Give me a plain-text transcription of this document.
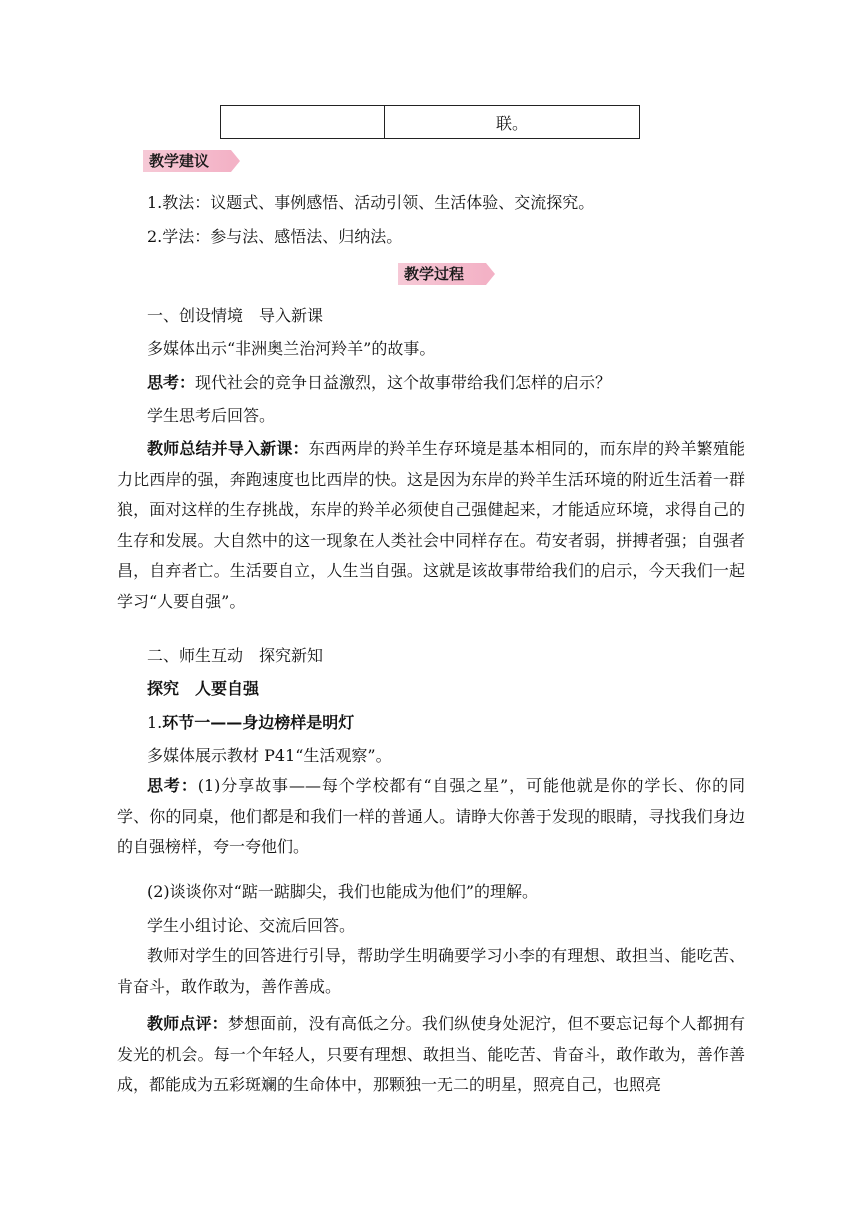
联。
教学建议
1.教法：议题式、事例感悟、活动引领、生活体验、交流探究。
2.学法：参与法、感悟法、归纳法。
教学过程
一、创设情境　导入新课
多媒体出示“非洲奥兰治河羚羊”的故事。
思考：现代社会的竞争日益激烈，这个故事带给我们怎样的启示？
学生思考后回答。
教师总结并导入新课：东西两岸的羚羊生存环境是基本相同的，而东岸的羚羊繁殖能力比西岸的强，奔跑速度也比西岸的快。这是因为东岸的羚羊生活环境的附近生活着一群狼，面对这样的生存挑战，东岸的羚羊必须使自己强健起来，才能适应环境，求得自己的生存和发展。大自然中的这一现象在人类社会中同样存在。苟安者弱，拼搏者强；自强者昌，自弃者亡。生活要自立，人生当自强。这就是该故事带给我们的启示，今天我们一起学习“人要自强”。
二、师生互动　探究新知
探究　人要自强
1.环节一——身边榜样是明灯
多媒体展示教材 P41“生活观察”。
思考：(1)分享故事——每个学校都有“自强之星”，可能他就是你的学长、你的同学、你的同桌，他们都是和我们一样的普通人。请睁大你善于发现的眼睛，寻找我们身边的自强榜样，夸一夸他们。
(2)谈谈你对“踮一踮脚尖，我们也能成为他们”的理解。
学生小组讨论、交流后回答。
教师对学生的回答进行引导，帮助学生明确要学习小李的有理想、敢担当、能吃苦、肯奋斗，敢作敢为，善作善成。
教师点评：梦想面前，没有高低之分。我们纵使身处泥泞，但不要忘记每个人都拥有发光的机会。每一个年轻人，只要有理想、敢担当、能吃苦、肯奋斗，敢作敢为，善作善成，都能成为五彩斑斓的生命体中，那颗独一无二的明星，照亮自己，也照亮
